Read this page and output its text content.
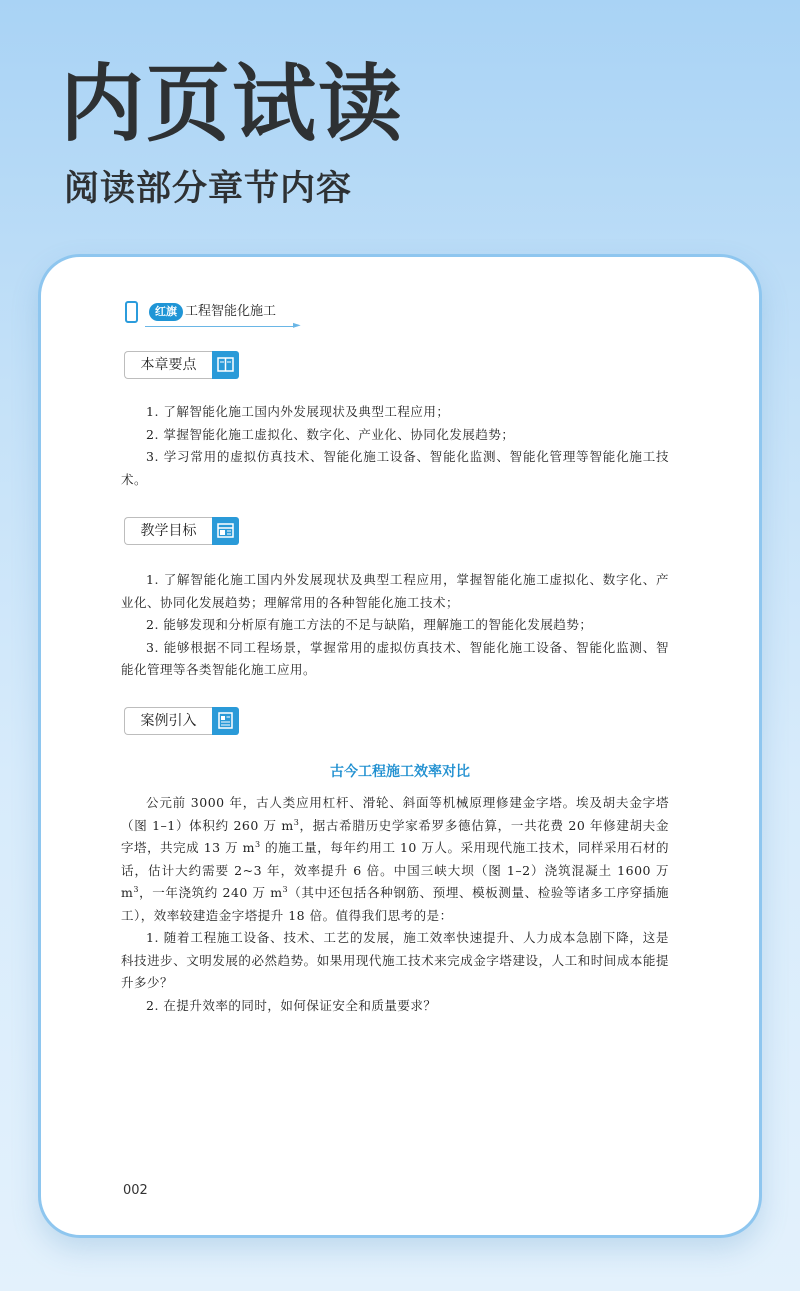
内页试读
阅读部分章节内容
红旗 工程智能化施工
►
本章要点

1. 了解智能化施工国内外发展现状及典型工程应用；

2. 掌握智能化施工虚拟化、数字化、产业化、协同化发展趋势；

3. 学习常用的虚拟仿真技术、智能化施工设备、智能化监测、智能化管理等智能化施工技术。

教学目标

1. 了解智能化施工国内外发展现状及典型工程应用，掌握智能化施工虚拟化、数字化、产业化、协同化发展趋势；理解常用的各种智能化施工技术；

2. 能够发现和分析原有施工方法的不足与缺陷，理解施工的智能化发展趋势；

3. 能够根据不同工程场景，掌握常用的虚拟仿真技术、智能化施工设备、智能化监测、智能化管理等各类智能化施工应用。

案例引入
古今工程施工效率对比

公元前 3000 年，古人类应用杠杆、滑轮、斜面等机械原理修建金字塔。埃及胡夫金字塔（图 1–1）体积约 260 万 $m^3$，据古希腊历史学家希罗多德估算，一共花费 20 年修建胡夫金字塔，共完成 13 万 $m^3$ 的施工量，每年约用工 10 万人。采用现代施工技术，同样采用石材的话，估计大约需要 2~3 年，效率提升 6 倍。中国三峡大坝（图 1–2）浇筑混凝土 1600 万 $m^3$，一年浇筑约 240 万 $m^3$（其中还包括各种钢筋、预埋、模板测量、检验等诸多工序穿插施工），效率较建造金字塔提升 18 倍。值得我们思考的是：

1. 随着工程施工设备、技术、工艺的发展，施工效率快速提升、人力成本急剧下降，这是科技进步、文明发展的必然趋势。如果用现代施工技术来完成金字塔建设，人工和时间成本能提升多少？

2. 在提升效率的同时，如何保证安全和质量要求？

002
